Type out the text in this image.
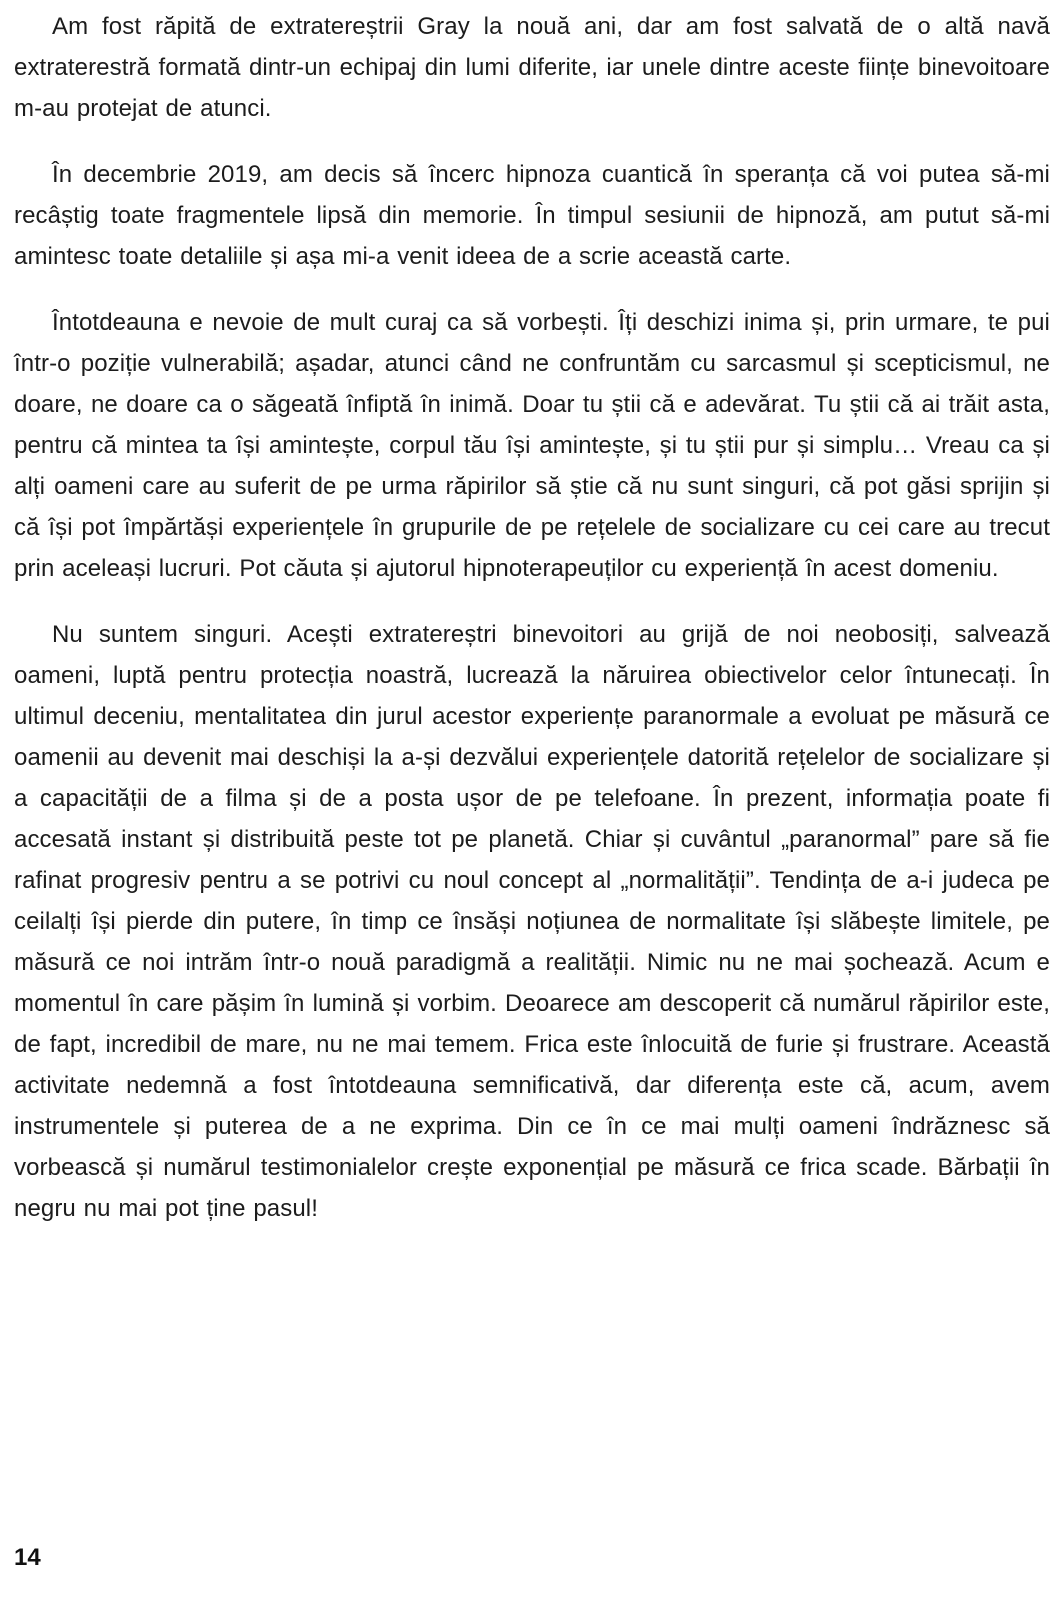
Am fost răpită de extratereștrii Gray la nouă ani, dar am fost salvată de o altă navă extraterestră formată dintr-un echipaj din lumi diferite, iar unele dintre aceste ființe binevoitoare m-au protejat de atunci.

În decembrie 2019, am decis să încerc hipnoza cuantică în speranța că voi putea să-mi recâștig toate fragmentele lipsă din memorie. În timpul sesiunii de hipnoză, am putut să-mi amintesc toate detaliile și așa mi-a venit ideea de a scrie această carte.

Întotdeauna e nevoie de mult curaj ca să vorbești. Îți deschizi inima și, prin urmare, te pui într-o poziție vulnerabilă; așadar, atunci când ne confruntăm cu sarcasmul și scepticismul, ne doare, ne doare ca o săgeată înfiptă în inimă. Doar tu știi că e adevărat. Tu știi că ai trăit asta, pentru că mintea ta își amintește, corpul tău își amintește, și tu știi pur și simplu… Vreau ca și alți oameni care au suferit de pe urma răpirilor să știe că nu sunt singuri, că pot găsi sprijin și că își pot împărtăși experiențele în grupurile de pe rețelele de socializare cu cei care au trecut prin aceleași lucruri. Pot căuta și ajutorul hipnoterapeuților cu experiență în acest domeniu.

Nu suntem singuri. Acești extratereștri binevoitori au grijă de noi neobosiți, salvează oameni, luptă pentru protecția noastră, lucrează la năruirea obiectivelor celor întunecați. În ultimul deceniu, mentalitatea din jurul acestor experiențe paranormale a evoluat pe măsură ce oamenii au devenit mai deschiși la a-și dezvălui experiențele datorită rețelelor de socializare și a capacității de a filma și de a posta ușor de pe telefoane. În prezent, informația poate fi accesată instant și distribuită peste tot pe planetă. Chiar și cuvântul „paranormal” pare să fie rafinat progresiv pentru a se potrivi cu noul concept al „normalității”. Tendința de a-i judeca pe ceilalți își pierde din putere, în timp ce însăși noțiunea de normalitate își slăbește limitele, pe măsură ce noi intrăm într-o nouă paradigmă a realității. Nimic nu ne mai șochează. Acum e momentul în care pășim în lumină și vorbim. Deoarece am descoperit că numărul răpirilor este, de fapt, incredibil de mare, nu ne mai temem. Frica este înlocuită de furie și frustrare. Această activitate nedemnă a fost întotdeauna semnificativă, dar diferența este că, acum, avem instrumentele și puterea de a ne exprima. Din ce în ce mai mulți oameni îndrăznesc să vorbească și numărul testimonialelor crește exponențial pe măsură ce frica scade. Bărbații în negru nu mai pot ține pasul!

14
